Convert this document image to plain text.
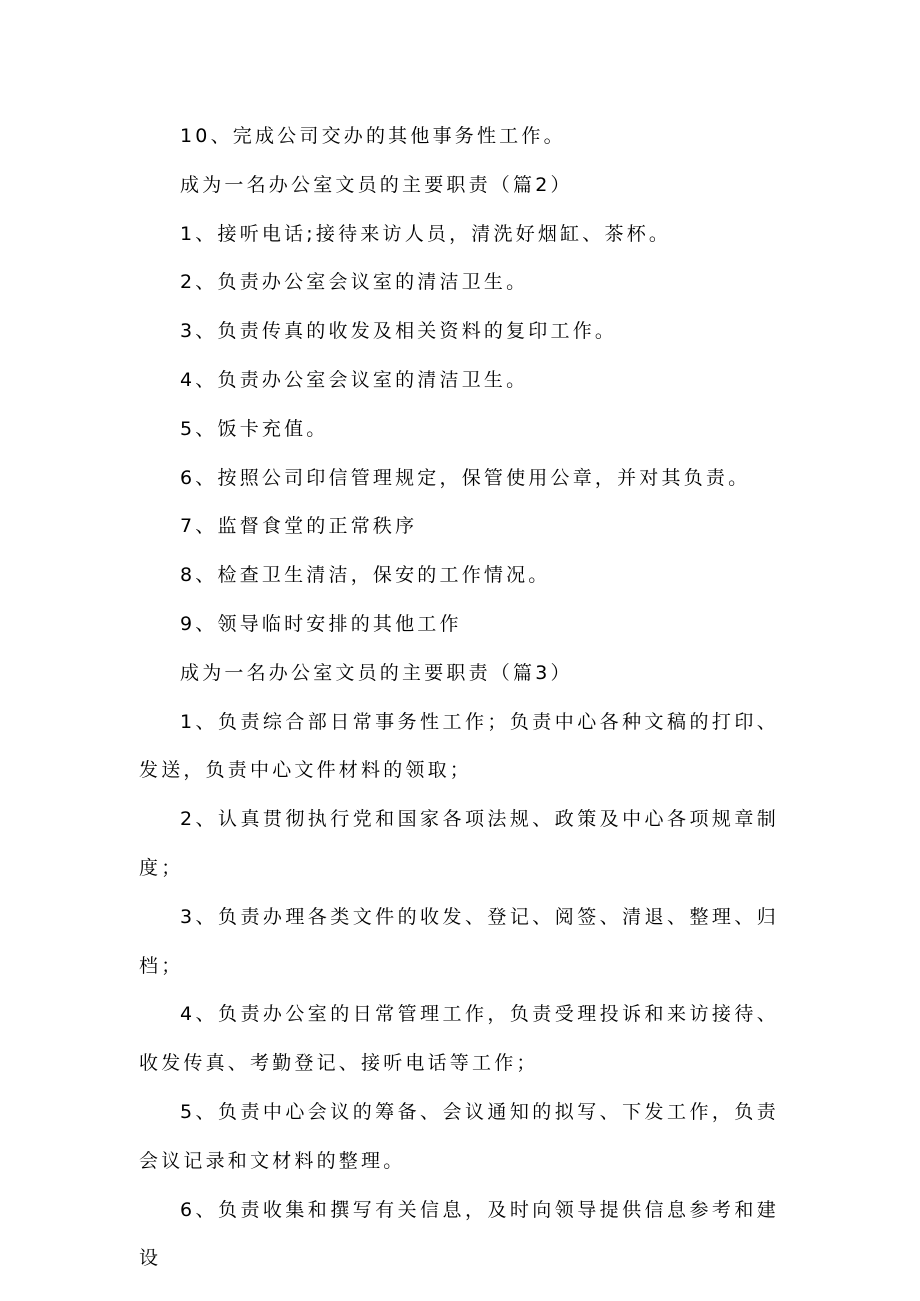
10、完成公司交办的其他事务性工作。

成为一名办公室文员的主要职责（篇2）

1、接听电话;接待来访人员，清洗好烟缸、茶杯。

2、负责办公室会议室的清洁卫生。

3、负责传真的收发及相关资料的复印工作。

4、负责办公室会议室的清洁卫生。

5、饭卡充值。

6、按照公司印信管理规定，保管使用公章，并对其负责。

7、监督食堂的正常秩序

8、检查卫生清洁，保安的工作情况。

9、领导临时安排的其他工作

成为一名办公室文员的主要职责（篇3）

1、负责综合部日常事务性工作；负责中心各种文稿的打印、发送，负责中心文件材料的领取；

2、认真贯彻执行党和国家各项法规、政策及中心各项规章制度；

3、负责办理各类文件的收发、登记、阅签、清退、整理、归档；

4、负责办公室的日常管理工作，负责受理投诉和来访接待、收发传真、考勤登记、接听电话等工作；

5、负责中心会议的筹备、会议通知的拟写、下发工作，负责会议记录和文材料的整理。

6、负责收集和撰写有关信息，及时向领导提供信息参考和建设
